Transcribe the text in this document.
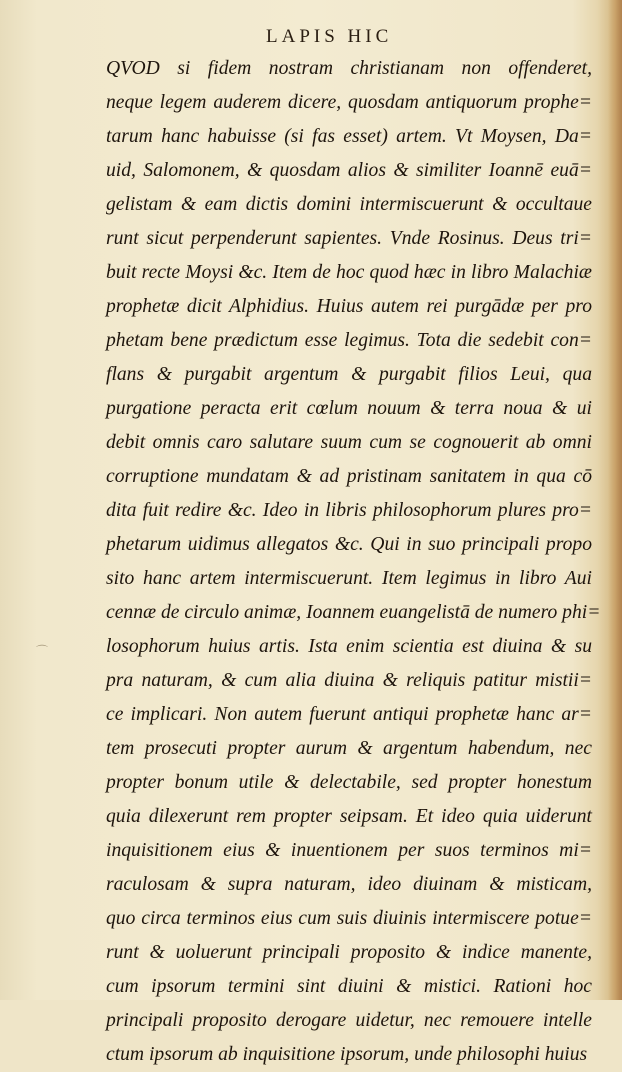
LAPIS HIC
⌒
QVOD si fidem nostram christianam non offenderet,
neque legem auderem dicere, quosdam antiquorum prophe=
tarum hanc habuisse (si fas esset) artem. Vt Moysen, Da=
uid, Salomonem, & quosdam alios & similiter Ioannē euā=
gelistam & eam dictis domini intermiscuerunt & occultaue
runt sicut perpenderunt sapientes. Vnde Rosinus. Deus tri=
buit recte Moysi &c. Item de hoc quod hæc in libro Malachiæ
prophetæ dicit Alphidius. Huius autem rei purgādæ per pro
phetam bene prædictum esse legimus. Tota die sedebit con=
flans & purgabit argentum & purgabit filios Leui, qua
purgatione peracta erit cœlum nouum & terra noua & ui
debit omnis caro salutare suum cum se cognouerit ab omni
corruptione mundatam & ad pristinam sanitatem in qua cō
dita fuit redire &c. Ideo in libris philosophorum plures pro=
phetarum uidimus allegatos &c. Qui in suo principali propo
sito hanc artem intermiscuerunt. Item legimus in libro Aui
cennæ de circulo animæ, Ioannem euangelistā de numero phi=
losophorum huius artis. Ista enim scientia est diuina & su
pra naturam, & cum alia diuina & reliquis patitur mistii=
ce implicari. Non autem fuerunt antiqui prophetæ hanc ar=
tem prosecuti propter aurum & argentum habendum, nec
propter bonum utile & delectabile, sed propter honestum
quia dilexerunt rem propter seipsam. Et ideo quia uiderunt
inquisitionem eius & inuentionem per suos terminos mi=
raculosam & supra naturam, ideo diuinam & misticam,
quo circa terminos eius cum suis diuinis intermiscere potue=
runt & uoluerunt principali proposito & indice manente,
cum ipsorum termini sint diuini & mistici. Rationi hoc
principali proposito derogare uidetur, nec remouere intelle
ctum ipsorum ab inquisitione ipsorum, unde philosophi huius
